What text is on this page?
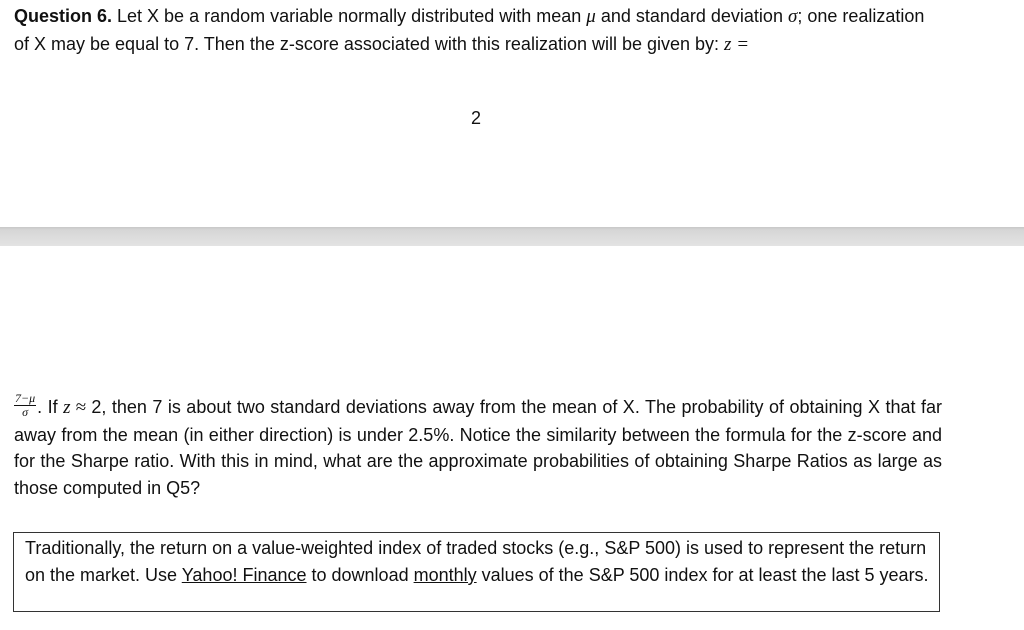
Question 6. Let X be a random variable normally distributed with mean μ and standard deviation σ; one realization of X may be equal to 7. Then the z-score associated with this realization will be given by: z =

2

$\frac{7-\mu}{\sigma}$ . If z ≈ 2, then 7 is about two standard deviations away from the mean of X. The probability of obtaining X that far away from the mean (in either direction) is under 2.5%. Notice the similarity between the formula for the z-score and for the Sharpe ratio. With this in mind, what are the approximate probabilities of obtaining Sharpe Ratios as large as those computed in Q5?

Traditionally, the return on a value-weighted index of traded stocks (e.g., S&P 500) is used to represent the return on the market. Use Yahoo! Finance to download monthly values of the S&P 500 index for at least the last 5 years.
